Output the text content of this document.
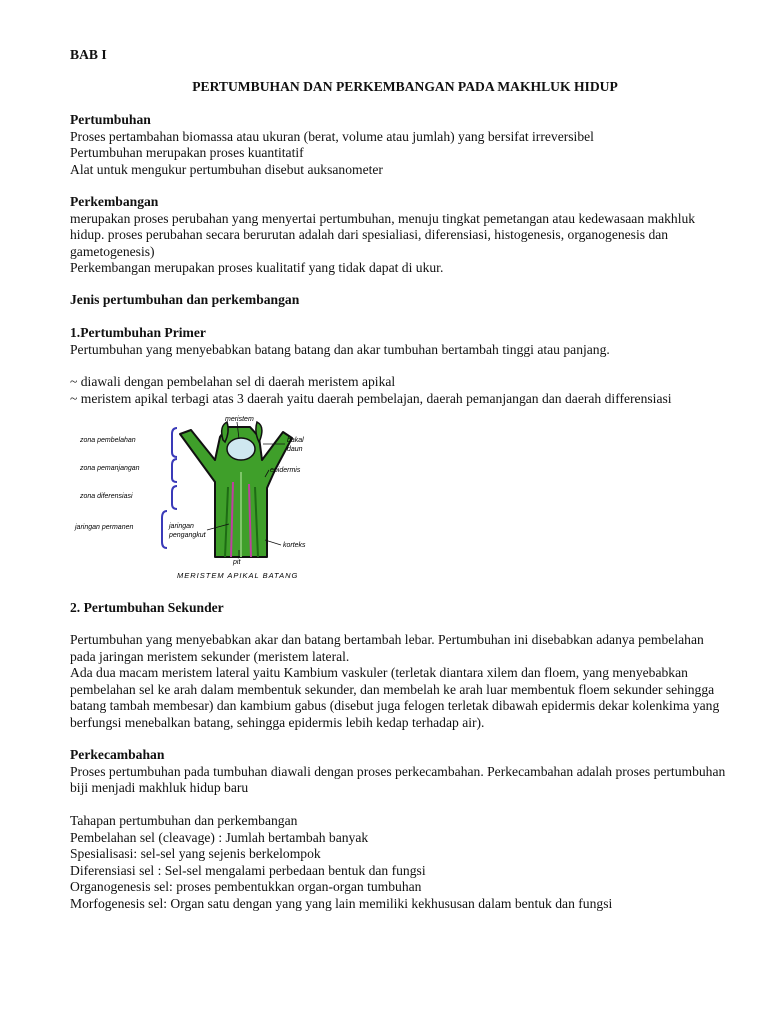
BAB I
PERTUMBUHAN DAN PERKEMBANGAN PADA MAKHLUK HIDUP

Pertumbuhan

Proses pertambahan biomassa atau ukuran (berat, volume atau jumlah) yang bersifat irreversibel

Pertumbuhan merupakan proses kuantitatif

Alat untuk mengukur pertumbuhan disebut auksanometer

Perkembangan

merupakan proses perubahan yang menyertai pertumbuhan, menuju tingkat pemetangan atau kedewasaan makhluk

hidup. proses perubahan secara berurutan adalah dari spesialiasi, diferensiasi, histogenesis, organogenesis dan

gametogenesis)

Perkembangan merupakan proses kualitatif yang tidak dapat di ukur.

Jenis pertumbuhan dan perkembangan

1.Pertumbuhan Primer

Pertumbuhan yang menyebabkan batang batang dan akar tumbuhan bertambah tinggi atau panjang.

~ diawali dengan pembelahan sel di daerah meristem apikal

~ meristem apikal terbagi atas 3 daerah yaitu daerah pembelajan, daerah pemanjangan dan daerah differensiasi

zona pembelahan
zona pemanjangan
zona diferensiasi
jaringan permanen
meristem
bakal
daun
epidermis
jaringan
pengangkut
korteks
pit
MERISTEM APIKAL BATANG
2. Pertumbuhan Sekunder

Pertumbuhan yang menyebabkan akar dan batang bertambah lebar. Pertumbuhan ini disebabkan adanya pembelahan

pada jaringan meristem sekunder (meristem lateral.

Ada dua macam meristem lateral yaitu Kambium vaskuler (terletak diantara xilem dan floem, yang menyebabkan

pembelahan sel ke arah dalam membentuk sekunder, dan membelah ke arah luar membentuk floem sekunder sehingga

batang tambah membesar) dan kambium gabus (disebut juga felogen terletak dibawah epidermis dekar kolenkima yang

berfungsi menebalkan batang, sehingga epidermis lebih kedap terhadap air).

Perkecambahan

Proses pertumbuhan pada tumbuhan diawali dengan proses perkecambahan. Perkecambahan adalah proses pertumbuhan

biji menjadi makhluk hidup baru

Tahapan pertumbuhan dan perkembangan

Pembelahan sel (cleavage) : Jumlah bertambah banyak

Spesialisasi: sel-sel yang sejenis berkelompok

Diferensiasi sel : Sel-sel mengalami perbedaan bentuk dan fungsi

Organogenesis sel: proses pembentukkan organ-organ tumbuhan

Morfogenesis sel: Organ satu dengan yang yang lain memiliki kekhususan dalam bentuk dan fungsi
